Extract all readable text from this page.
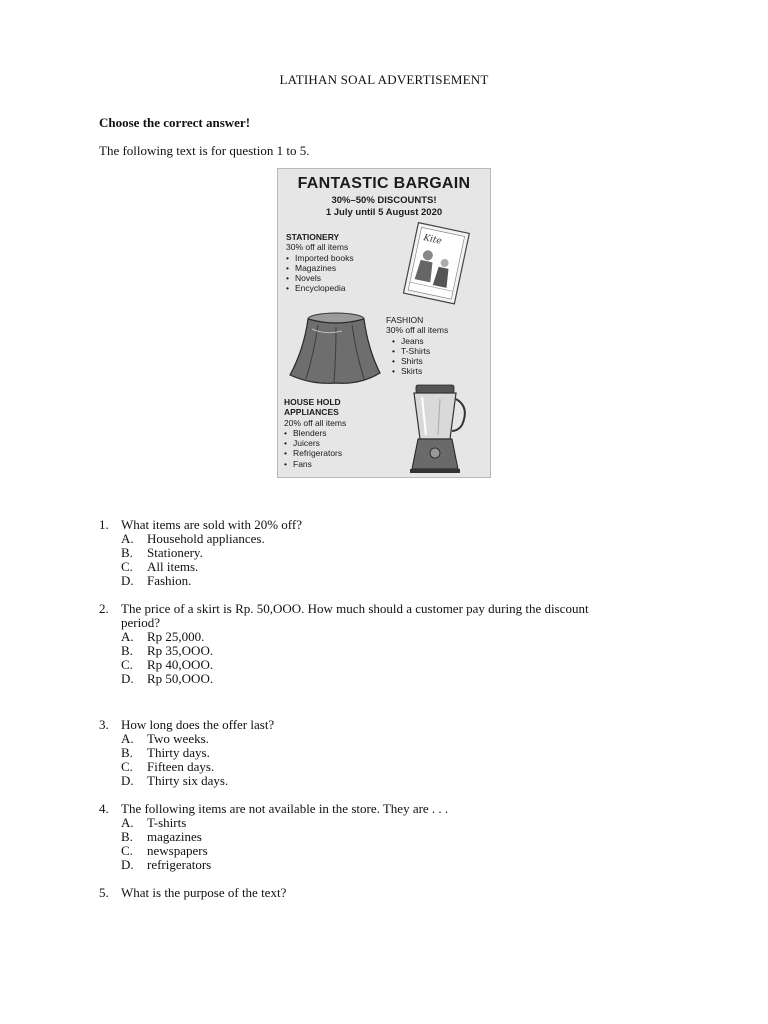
LATIHAN SOAL ADVERTISEMENT
Choose the correct answer!
The following text is for question 1 to 5.
FANTASTIC BARGAIN
30%–50% DISCOUNTS!
1 July until 5 August 2020
STATIONERY
30% off all items
• Imported books
• Magazines
• Novels
• Encyclopedia
Kite
FASHION
30% off all items
• Jeans
• T-Shirts
• Shirts
• Skirts
HOUSE HOLD
APPLIANCES
20% off all items
• Blenders
• Juicers
• Refrigerators
• Fans
1. What items are sold with 20% off?
A. Household appliances.
B. Stationery.
C. All items.
D. Fashion.
2. The price of a skirt is Rp. 50,OOO. How much should a customer pay during the discount
period?
A. Rp 25,000.
B. Rp 35,OOO.
C. Rp 40,OOO.
D. Rp 50,OOO.
3. How long does the offer last?
A. Two weeks.
B. Thirty days.
C. Fifteen days.
D. Thirty six days.
4. The following items are not available in the store. They are . . .
A. T-shirts
B. magazines
C. newspapers
D. refrigerators
5. What is the purpose of the text?
